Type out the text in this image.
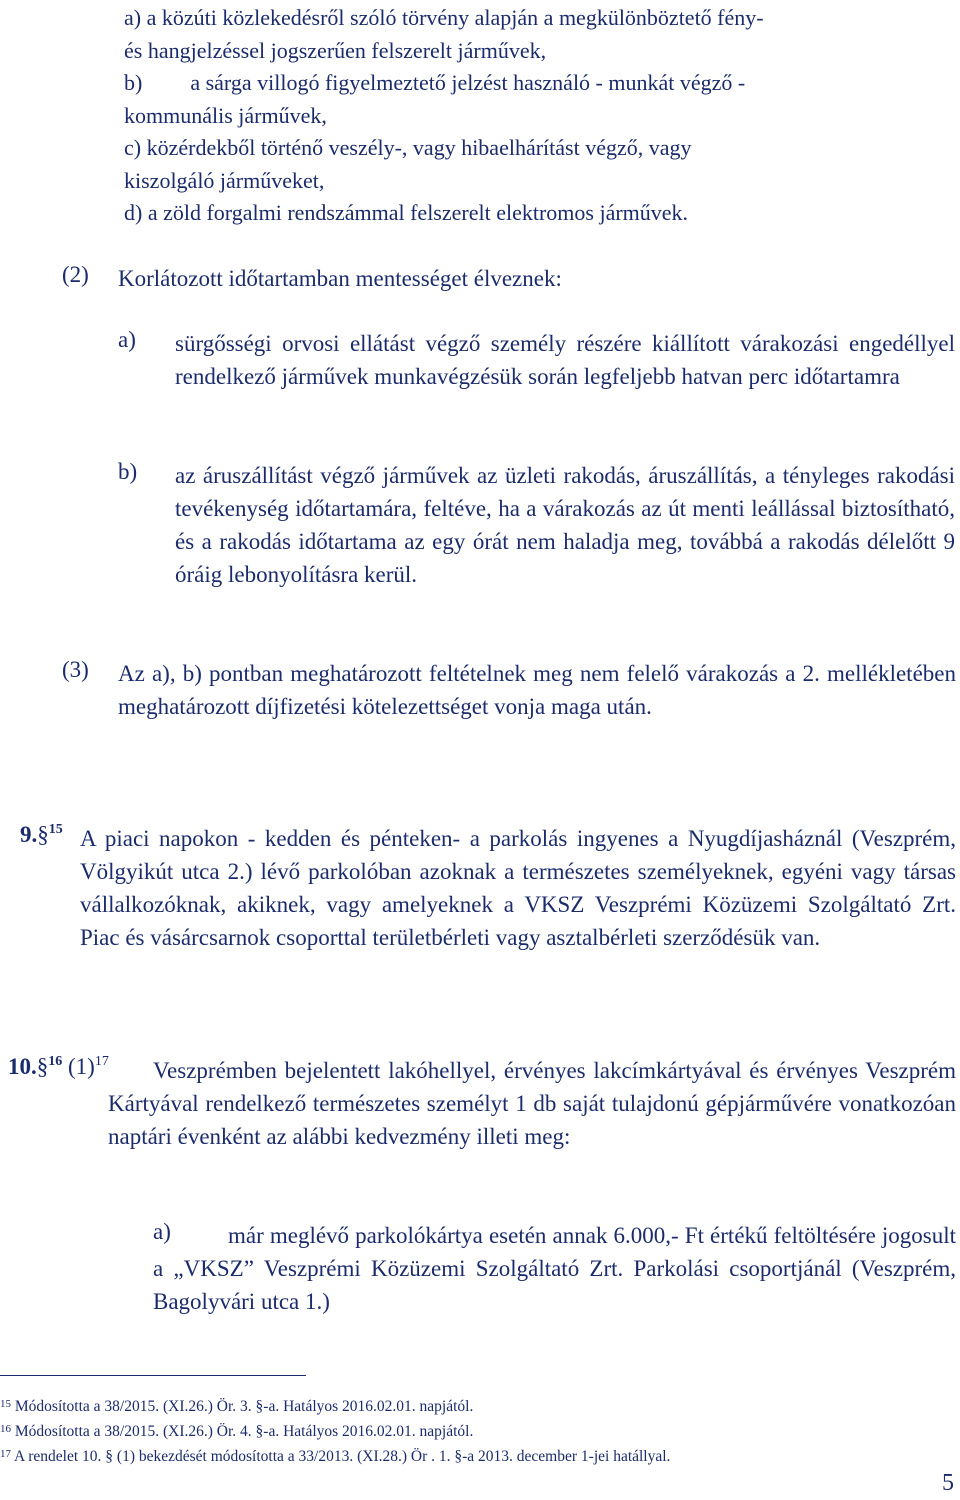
a) a közúti közlekedésről szóló törvény alapján a megkülönböztető fény-
és hangjelzéssel jogszerűen felszerelt járművek,
b) a sárga villogó figyelmeztető jelzést használó - munkát végző -
kommunális járművek,
c) közérdekből történő veszély-, vagy hibaelhárítást végző, vagy
kiszolgáló járműveket,
d) a zöld forgalmi rendszámmal felszerelt elektromos járművek.
(2) Korlátozott időtartamban mentességet élveznek:
a) sürgősségi orvosi ellátást végző személy részére kiállított várakozási engedéllyel rendelkező járművek munkavégzésük során legfeljebb hatvan perc időtartamra
b) az áruszállítást végző járművek az üzleti rakodás, áruszállítás, a tényleges rakodási tevékenység időtartamára, feltéve, ha a várakozás az út menti leállással biztosítható, és a rakodás időtartama az egy órát nem haladja meg, továbbá a rakodás délelőtt 9 óráig lebonyolításra kerül.
(3) Az a), b) pontban meghatározott feltételnek meg nem felelő várakozás a 2. mellékletében meghatározott díjfizetési kötelezettséget vonja maga után.
9.§$^{15}$ A piaci napokon - kedden és pénteken- a parkolás ingyenes a Nyugdíjasháznál (Veszprém, Völgyikút utca 2.) lévő parkolóban azoknak a természetes személyeknek, egyéni vagy társas vállalkozóknak, akiknek, vagy amelyeknek a VKSZ Veszprémi Közüzemi Szolgáltató Zrt. Piac és vásárcsarnok csoporttal területbérleti vagy asztalbérleti szerződésük van.
10.§$^{16}$ $(1)^{17}$	Veszprémben bejelentett lakóhellyel, érvényes lakcímkártyával és érvényes Veszprém Kártyával rendelkező természetes személyt 1 db saját tulajdonú gépjárművére vonatkozóan naptári évenként az alábbi kedvezmény illeti meg:
a)	már meglévő parkolókártya esetén annak 6.000,- Ft értékű feltöltésére jogosult a „VKSZ” Veszprémi Közüzemi Szolgáltató Zrt. Parkolási csoportjánál (Veszprém, Bagolyvári utca 1.)
$^{15}$ Módosította a 38/2015. (XI.26.) Ör. 3. §-a. Hatályos 2016.02.01. napjától.
$^{16}$ Módosította a 38/2015. (XI.26.) Ör. 4. §-a. Hatályos 2016.02.01. napjától.
$^{17}$ A rendelet 10. § (1) bekezdését módosította a 33/2013. (XI.28.) Ör . 1. §-a 2013. december 1-jei hatállyal.
5
